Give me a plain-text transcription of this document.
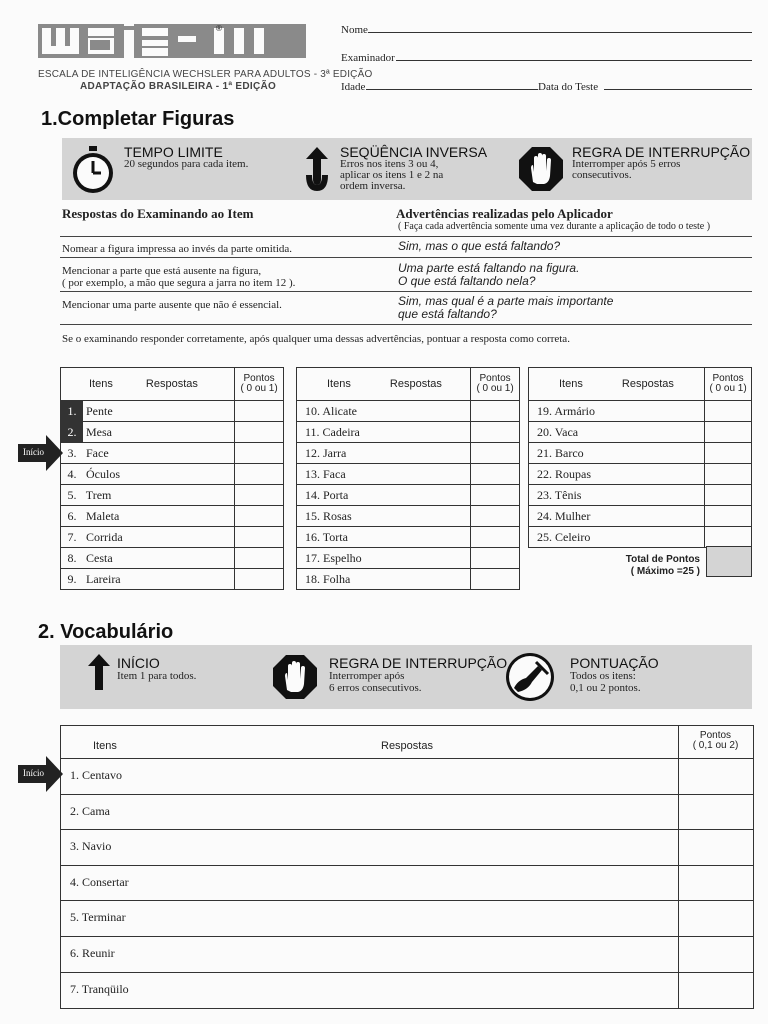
®
ESCALA DE INTELIGÊNCIA WECHSLER PARA ADULTOS - 3ª EDIÇÃO
ADAPTAÇÃO BRASILEIRA - 1ª EDIÇÃO
Nome
Examinador
Idade	Data do Teste
1.Completar Figuras
TEMPO LIMITE
20 segundos para cada item.
SEQÜÊNCIA INVERSA
Erros nos itens 3 ou 4,
aplicar os itens 1 e 2 na
ordem inversa.
REGRA DE INTERRUPÇÃO
Interromper após 5 erros
consecutivos.
Respostas do Examinando ao Item	Advertências realizadas pelo Aplicador
( Faça cada advertência somente uma vez durante a aplicação de todo o teste )
Nomear a figura impressa ao invés da parte omitida.	Sim, mas o que está faltando?
Mencionar a parte que está ausente na figura,
( por exemplo, a mão que segura a jarra no item 12 ).
Uma parte está faltando na figura.
O que está faltando nela?
Mencionar uma parte ausente que não é essencial.	Sim, mas qual é a parte mais importante
que está faltando?
Se o examinando responder corretamente, após qualquer uma dessas advertências, pontuar a resposta como correta.
Itens Respostas	Pontos
( 0 ou 1)

1. Pente	
2. Mesa	
3. Face	
4. Óculos	
5. Trem	
6. Maleta	
7. Corrida	
8. Cesta	
9. Lareira	
Início
Itens Respostas	Pontos
( 0 ou 1)

10. Alicate	
11. Cadeira	
12. Jarra	
13. Faca	
14. Porta	
15. Rosas	
16. Torta	
17. Espelho	
18. Folha	
Itens Respostas	Pontos
( 0 ou 1)

19. Armário	
20. Vaca	
21. Barco	
22. Roupas	
23. Tênis	
24. Mulher	
25. Celeiro	
Total de Pontos
( Máximo =25 )
2. Vocabulário
INÍCIO
Item 1 para todos.
REGRA DE INTERRUPÇÃO
Interromper após
6 erros consecutivos.
PONTUAÇÃO
Todos os itens:
0,1 ou 2 pontos.
Itens	Respostas
Pontos
( 0,1 ou 2)
1. Centavo
2. Cama
3. Navio
4. Consertar
5. Terminar
6. Reunir
7. Tranqüilo
Início
